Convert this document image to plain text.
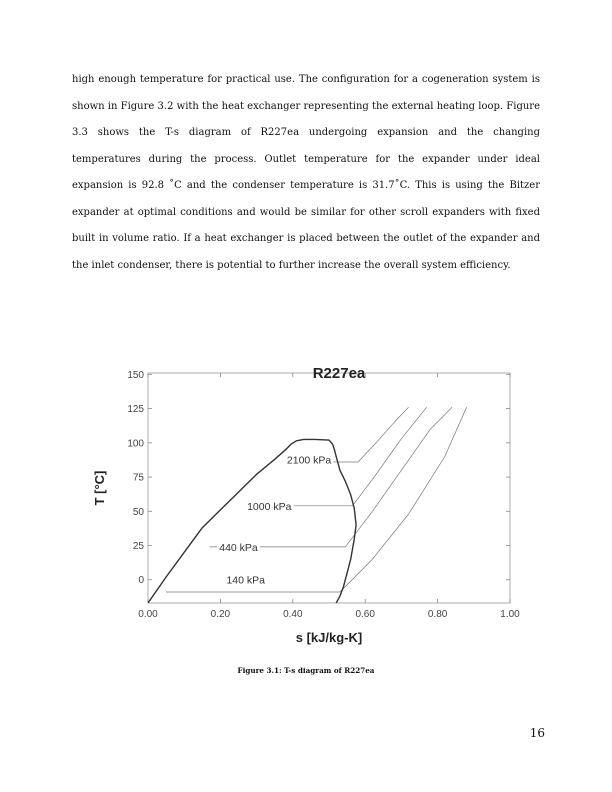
high enough temperature for practical use. The configuration for a cogeneration system is
shown in Figure 3.2 with the heat exchanger representing the external heating loop. Figure
3.3 shows the T-s diagram of R227ea undergoing expansion and the changing
temperatures during the process. Outlet temperature for the expander under ideal
expansion is 92.8 ˚C and the condenser temperature is 31.7˚C. This is using the Bitzer
expander at optimal conditions and would be similar for other scroll expanders with fixed
built in volume ratio. If a heat exchanger is placed between the outlet of the expander and
the inlet condenser, there is potential to further increase the overall system efficiency.
R227ea
0
25
50
75
100
125
150
0.00	0.20	0.40	0.60	0.80	1.00
s [kJ/kg-K]
T [°C]
2100 kPa
1000 kPa
440 kPa
140 kPa
Figure 3.1: T-s diagram of R227ea
16
